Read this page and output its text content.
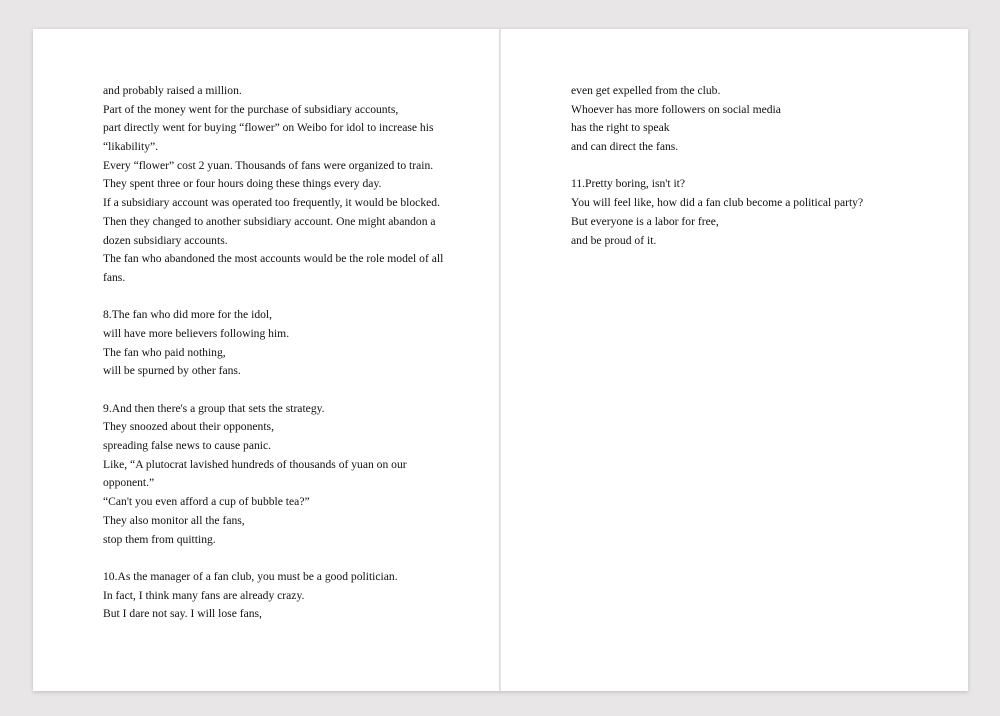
and probably raised a million.
Part of the money went for the purchase of subsidiary accounts,
part directly went for buying “flower” on Weibo for idol to increase his
“likability”.
Every “flower” cost 2 yuan. Thousands of fans were organized to train.
They spent three or four hours doing these things every day.
If a subsidiary account was operated too frequently, it would be blocked.
Then they changed to another subsidiary account. One might abandon a
dozen subsidiary accounts.
The fan who abandoned the most accounts would be the role model of all
fans.
8.The fan who did more for the idol,
will have more believers following him.
The fan who paid nothing,
will be spurned by other fans.
9.And then there's a group that sets the strategy.
They snoozed about their opponents,
spreading false news to cause panic.
Like, “A plutocrat lavished hundreds of thousands of yuan on our
opponent.”
“Can't you even afford a cup of bubble tea?”
They also monitor all the fans,
stop them from quitting.
10.As the manager of a fan club, you must be a good politician.
In fact, I think many fans are already crazy.
But I dare not say. I will lose fans,
even get expelled from the club.
Whoever has more followers on social media
has the right to speak
and can direct the fans.
11.Pretty boring, isn't it?
You will feel like, how did a fan club become a political party?
But everyone is a labor for free,
and be proud of it.
